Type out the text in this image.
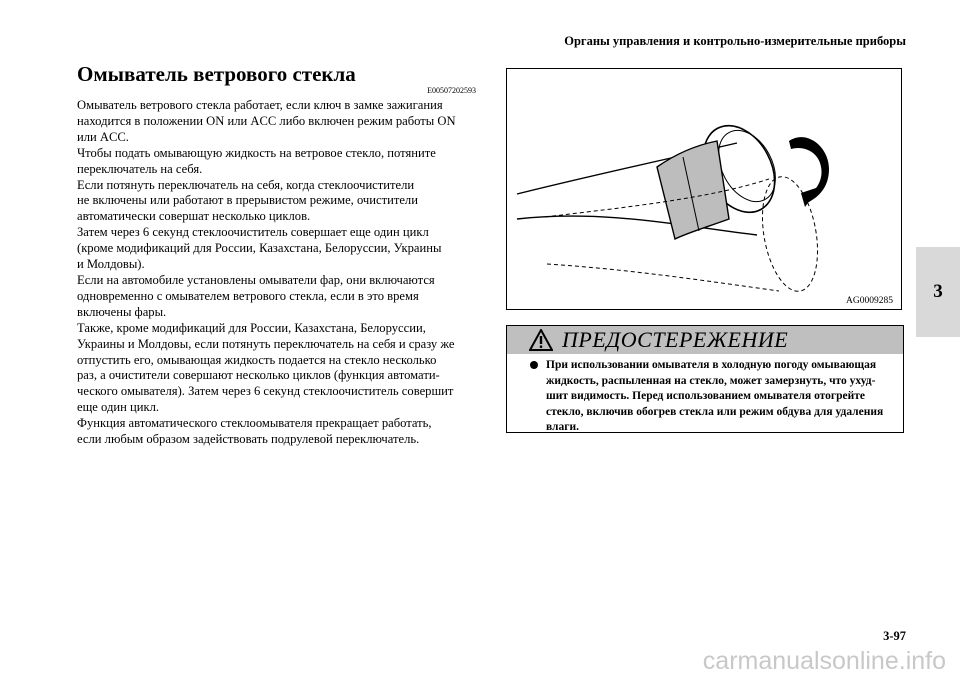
Органы управления и контрольно-измерительные приборы
3
Омыватель ветрового стекла
E00507202593

Омыватель ветрового стекла работает, если ключ в замке зажигания

находится в положении ON или ACC либо включен режим работы ON

или ACC.

Чтобы подать омывающую жидкость на ветровое стекло, потяните

переключатель на себя.

Если потянуть переключатель на себя, когда стеклоочистители

не включены или работают в прерывистом режиме, очистители

автоматически совершат несколько циклов.

Затем через 6 секунд стеклоочиститель совершает еще один цикл

(кроме модификаций для России, Казахстана, Белоруссии, Украины

и Молдовы).

Если на автомобиле установлены омыватели фар, они включаются

одновременно с омывателем ветрового стекла, если в это время

включены фары.

Также, кроме модификаций для России, Казахстана, Белоруссии,

Украины и Молдовы, если потянуть переключатель на себя и сразу же

отпустить его, омывающая жидкость подается на стекло несколько

раз, а очистители совершают несколько циклов (функция автомати-

ческого омывателя). Затем через 6 секунд стеклоочиститель совершит

еще один цикл.

Функция автоматического стеклоомывателя прекращает работать,

если любым образом задействовать подрулевой переключатель.

AG0009285
ПРЕДОСТЕРЕЖЕНИЕ

При использовании омывателя в холодную погоду омывающая

жидкость, распыленная на стекло, может замерзнуть, что ухуд-

шит видимость. Перед использованием омывателя отогрейте

стекло, включив обогрев стекла или режим обдува для удаления

влаги.

3-97
carmanualsonline.info
